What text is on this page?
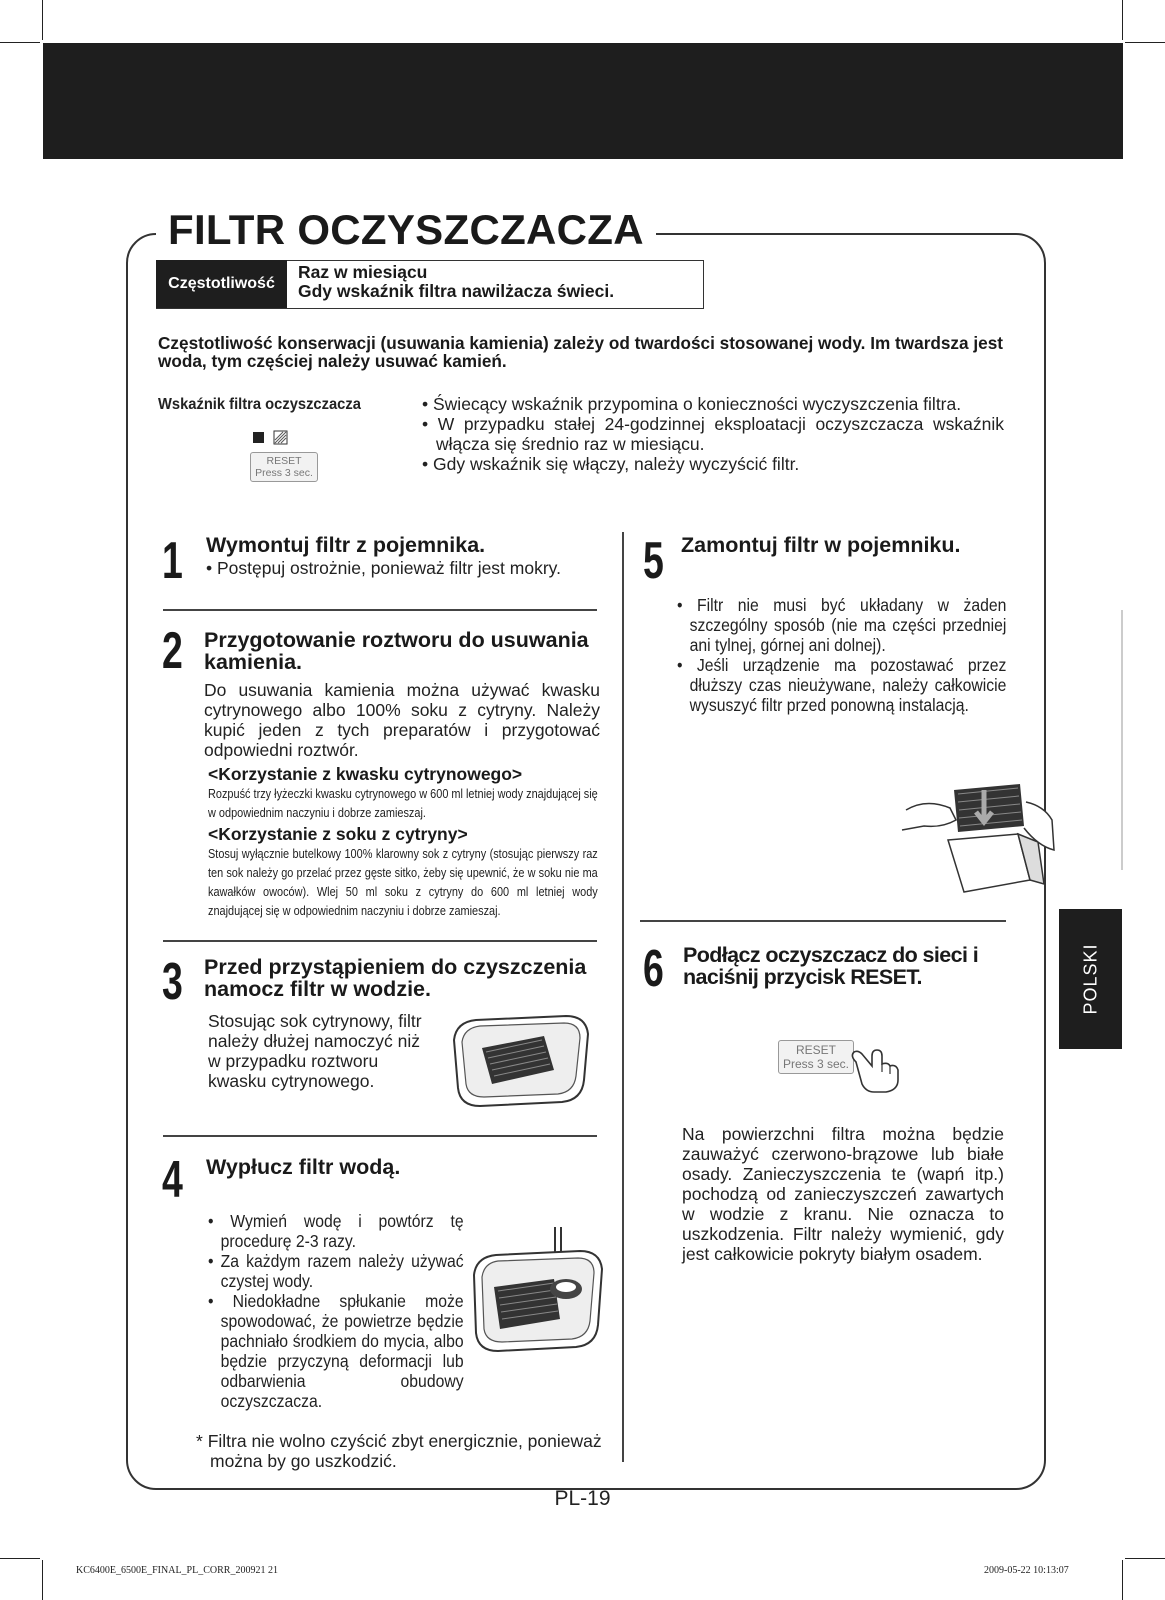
FILTR OCZYSZCZACZA
Częstotliwość
Raz w miesiącu
Gdy wskaźnik filtra nawilżacza świeci.
Częstotliwość konserwacji (usuwania kamienia) zależy od twardości stosowanej wody. Im twardsza jest woda, tym częściej należy usuwać kamień.
Wskaźnik filtra oczyszczacza
RESET
Press 3 sec.
• Świecący wskaźnik przypomina o konieczności wyczyszczenia filtra.
• W przypadku stałej 24-godzinnej eksploatacji oczyszczacza wskaźnik włącza się średnio raz w miesiącu.
• Gdy wskaźnik się włączy, należy wyczyścić filtr.
1 Wymontuj filtr z pojemnika.
• Postępuj ostrożnie, ponieważ filtr jest mokry.
2 Przygotowanie roztworu do usuwania kamienia.
Do usuwania kamienia można używać kwasku cytrynowego albo 100% soku z cytryny. Należy kupić jeden z tych preparatów i przygotować odpowiedni roztwór.
<Korzystanie z kwasku cytrynowego>
Rozpuść trzy łyżeczki kwasku cytrynowego w 600 ml letniej wody znajdującej się w odpowiednim naczyniu i dobrze zamieszaj.
<Korzystanie z soku z cytryny>
Stosuj wyłącznie butelkowy 100% klarowny sok z cytryny (stosując pierwszy raz ten sok należy go przelać przez gęste sitko, żeby się upewnić, że w soku nie ma kawałków owoców). Wlej 50 ml soku z cytryny do 600 ml letniej wody znajdującej się w odpowiednim naczyniu i dobrze zamieszaj.
3 Przed przystąpieniem do czyszczenia namocz filtr w wodzie.
Stosując sok cytrynowy, filtr należy dłużej namoczyć niż w przypadku roztworu kwasku cytrynowego.
4 Wypłucz filtr wodą.
• Wymień wodę i powtórz tę procedurę 2-3 razy.
• Za każdym razem należy używać czystej wody.
• Niedokładne spłukanie może spowodować, że powietrze będzie pachniało środkiem do mycia, albo będzie przyczyną deformacji lub odbarwienia obudowy oczyszczacza.
* Filtra nie wolno czyścić zbyt energicznie, ponieważ można by go uszkodzić.
5 Zamontuj filtr w pojemniku.
• Filtr nie musi być układany w żaden szczególny sposób (nie ma części przedniej ani tylnej, górnej ani dolnej).
• Jeśli urządzenie ma pozostawać przez dłuższy czas nieużywane, należy całkowicie wysuszyć filtr przed ponowną instalacją.
6 Podłącz oczyszczacz do sieci i naciśnij przycisk RESET.
RESET
Press 3 sec.
Na powierzchni filtra można będzie zauważyć czerwono-brązowe lub białe osady. Zanieczyszczenia te (wapń itp.) pochodzą od zanieczyszczeń zawartych w wodzie z kranu. Nie oznacza to uszkodzenia. Filtr należy wymienić, gdy jest całkowicie pokryty białym osadem.
POLSKI
PL-19
KC6400E_6500E_FINAL_PL_CORR_200921 21	2009-05-22 10:13:07
